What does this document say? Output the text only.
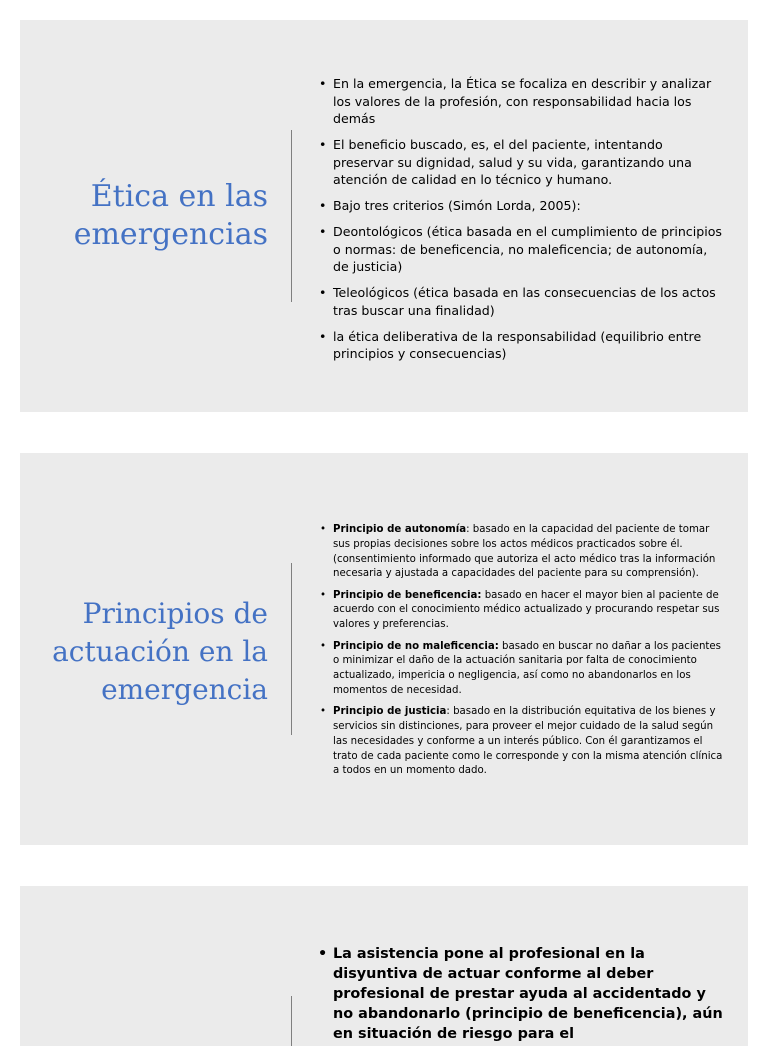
Ética en las emergencias
• En la emergencia, la Ética se focaliza en describir y analizar los valores de la profesión, con responsabilidad hacia los demás
• El beneficio buscado, es, el del paciente, intentando preservar su dignidad, salud y su vida, garantizando una atención de calidad en lo técnico y humano.
• Bajo tres criterios (Simón Lorda, 2005):
• Deontológicos (ética basada en el cumplimiento de principios o normas: de beneficencia, no maleficencia; de autonomía, de justicia)
• Teleológicos (ética basada en las consecuencias de los actos tras buscar una finalidad)
• la ética deliberativa de la responsabilidad (equilibrio entre principios y consecuencias)
Principios de actuación en la emergencia
• Principio de autonomía: basado en la capacidad del paciente de tomar sus propias decisiones sobre los actos médicos practicados sobre él. (consentimiento informado que autoriza el acto médico tras la información necesaria y ajustada a capacidades del paciente para su comprensión).
• Principio de beneficencia: basado en hacer el mayor bien al paciente de acuerdo con el conocimiento médico actualizado y procurando respetar sus valores y preferencias.
• Principio de no maleficencia: basado en buscar no dañar a los pacientes o minimizar el daño de la actuación sanitaria por falta de conocimiento actualizado, impericia o negligencia, así como no abandonarlos en los momentos de necesidad.
• Principio de justicia: basado en la distribución equitativa de los bienes y servicios sin distinciones, para proveer el mejor cuidado de la salud según las necesidades y conforme a un interés público. Con él garantizamos el trato de cada paciente como le corresponde y con la misma atención clínica a todos en un momento dado.
• La asistencia pone al profesional en la disyuntiva de actuar conforme al deber profesional de prestar ayuda al accidentado y no abandonarlo (principio de beneficencia), aún en situación de riesgo para el
